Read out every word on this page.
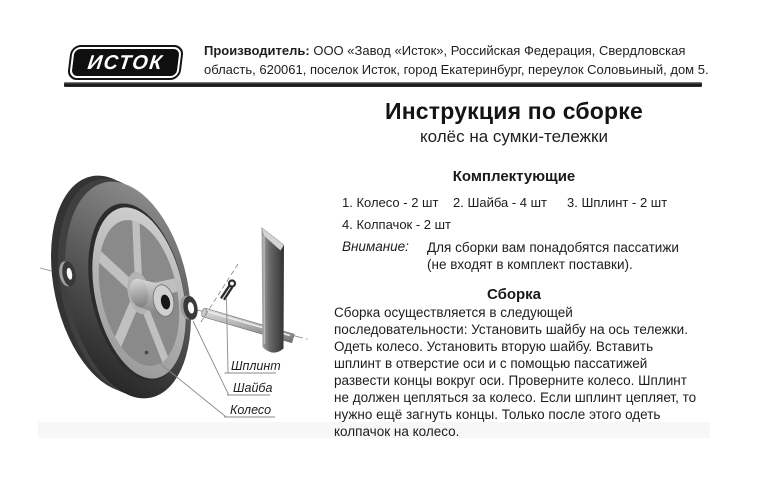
ИСТОК
Производитель: ООО «Завод «Исток», Российская Федерация, Свердловская область, 620061, поселок Исток, город Екатеринбург, переулок Соловьиный, дом 5.
Шплинт
Шайба
Колесо
Инструкция по сборке
колёс на сумки-тележки
Комплектующие
1. Колесо - 2 шт 2. Шайба - 4 шт 3. Шплинт - 2 шт
4. Колпачок - 2 шт
Внимание: Для сборки вам понадобятся пассатижи (не входят в комплект поставки).
Сборка

Сборка осуществляется в следующей последовательности: Установить шайбу на ось тележки. Одеть колесо. Установить вторую шайбу. Вставить шплинт в отверстие оси и с помощью пассатижей развести концы вокруг оси. Проверните колесо. Шплинт не должен цепляться за колесо. Если шплинт цепляет, то нужно ещё загнуть концы. Только после этого одеть колпачок на колесо.
